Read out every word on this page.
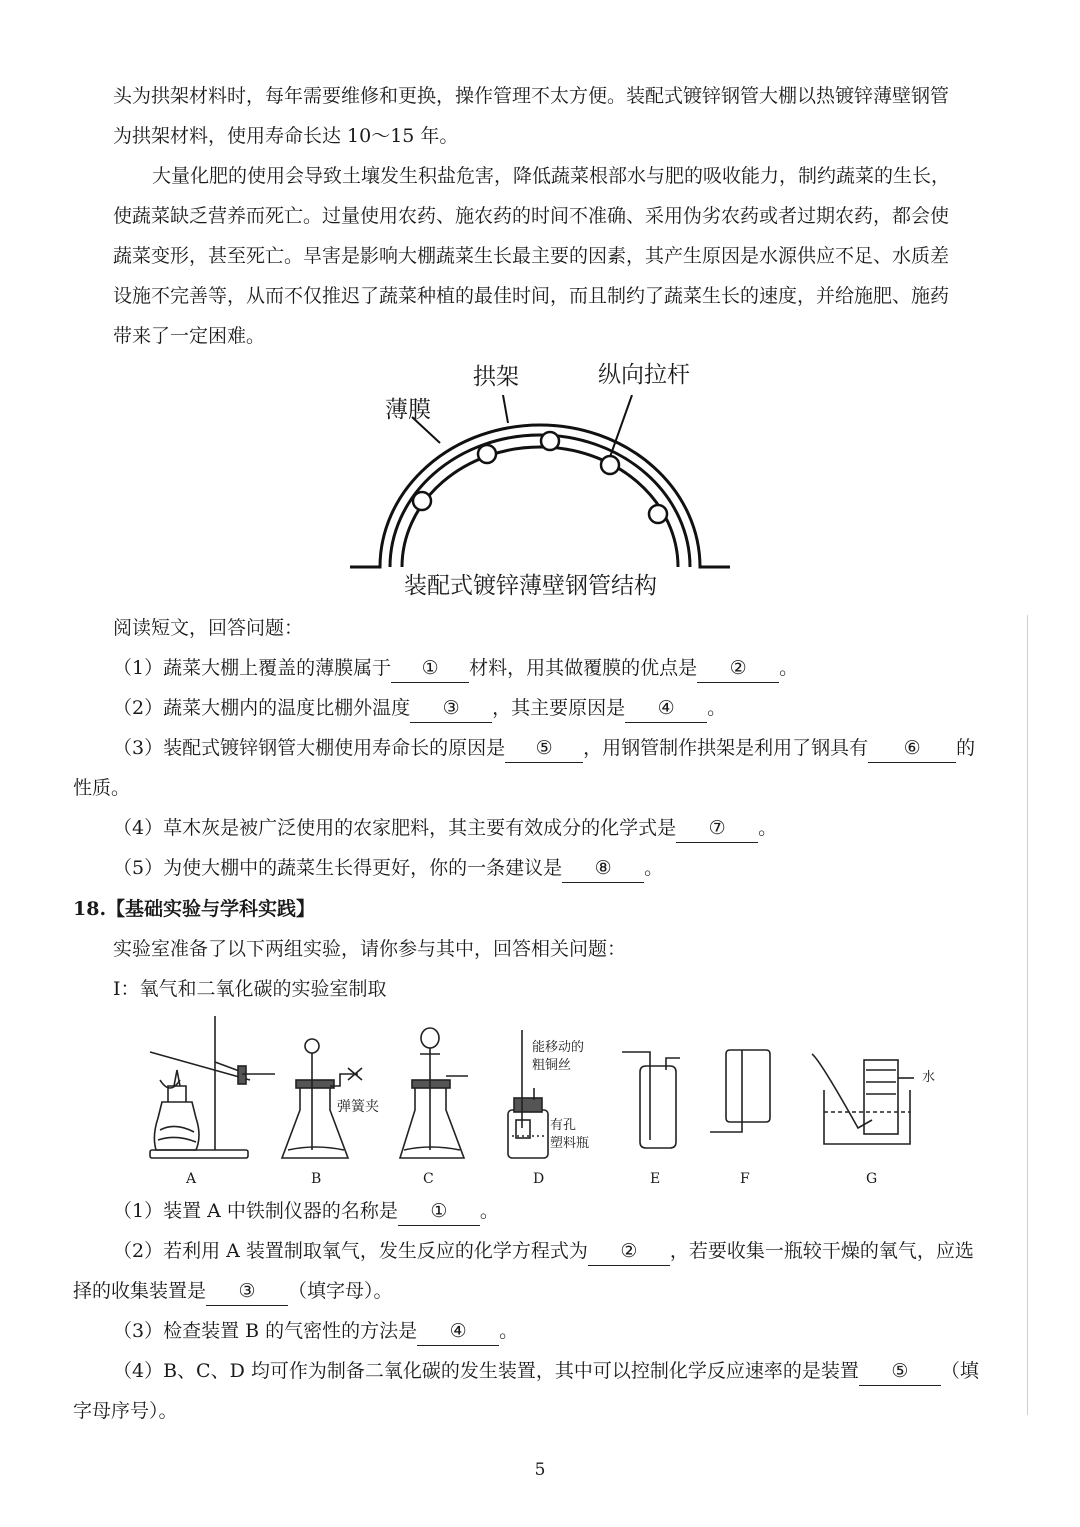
头为拱架材料时，每年需要维修和更换，操作管理不太方便。装配式镀锌钢管大棚以热镀锌薄壁钢管
为拱架材料，使用寿命长达 10～15 年。
大量化肥的使用会导致土壤发生积盐危害，降低蔬菜根部水与肥的吸收能力，制约蔬菜的生长，
使蔬菜缺乏营养而死亡。过量使用农药、施农药的时间不准确、采用伪劣农药或者过期农药，都会使
蔬菜变形，甚至死亡。旱害是影响大棚蔬菜生长最主要的因素，其产生原因是水源供应不足、水质差
设施不完善等，从而不仅推迟了蔬菜种植的最佳时间，而且制约了蔬菜生长的速度，并给施肥、施药
带来了一定困难。
拱架	纵向拉杆
薄膜
装配式镀锌薄壁钢管结构
阅读短文，回答问题：
（1）蔬菜大棚上覆盖的薄膜属于 ① 材料，用其做覆膜的优点是 ② 。
（2）蔬菜大棚内的温度比棚外温度 ③ ，其主要原因是 ④ 。
（3）装配式镀锌钢管大棚使用寿命长的原因是 ⑤ ，用钢管制作拱架是利用了钢具有 ⑥ 的
性质。
（4）草木灰是被广泛使用的农家肥料，其主要有效成分的化学式是 ⑦ 。
（5）为使大棚中的蔬菜生长得更好，你的一条建议是 ⑧ 。
18.【基础实验与学科实践】
实验室准备了以下两组实验，请你参与其中，回答相关问题：
I：氧气和二氧化碳的实验室制取
弹簧夹
能移动的
粗铜丝
有孔
塑料瓶
水
A	B	C	D	E	F	G
（1）装置 A 中铁制仪器的名称是 ① 。
（2）若利用 A 装置制取氧气，发生反应的化学方程式为 ② ，若要收集一瓶较干燥的氧气，应选
择的收集装置是 ③ （填字母）。
（3）检查装置 B 的气密性的方法是 ④ 。
（4）B、C、D 均可作为制备二氧化碳的发生装置，其中可以控制化学反应速率的是装置 ⑤ （填
字母序号）。
5
